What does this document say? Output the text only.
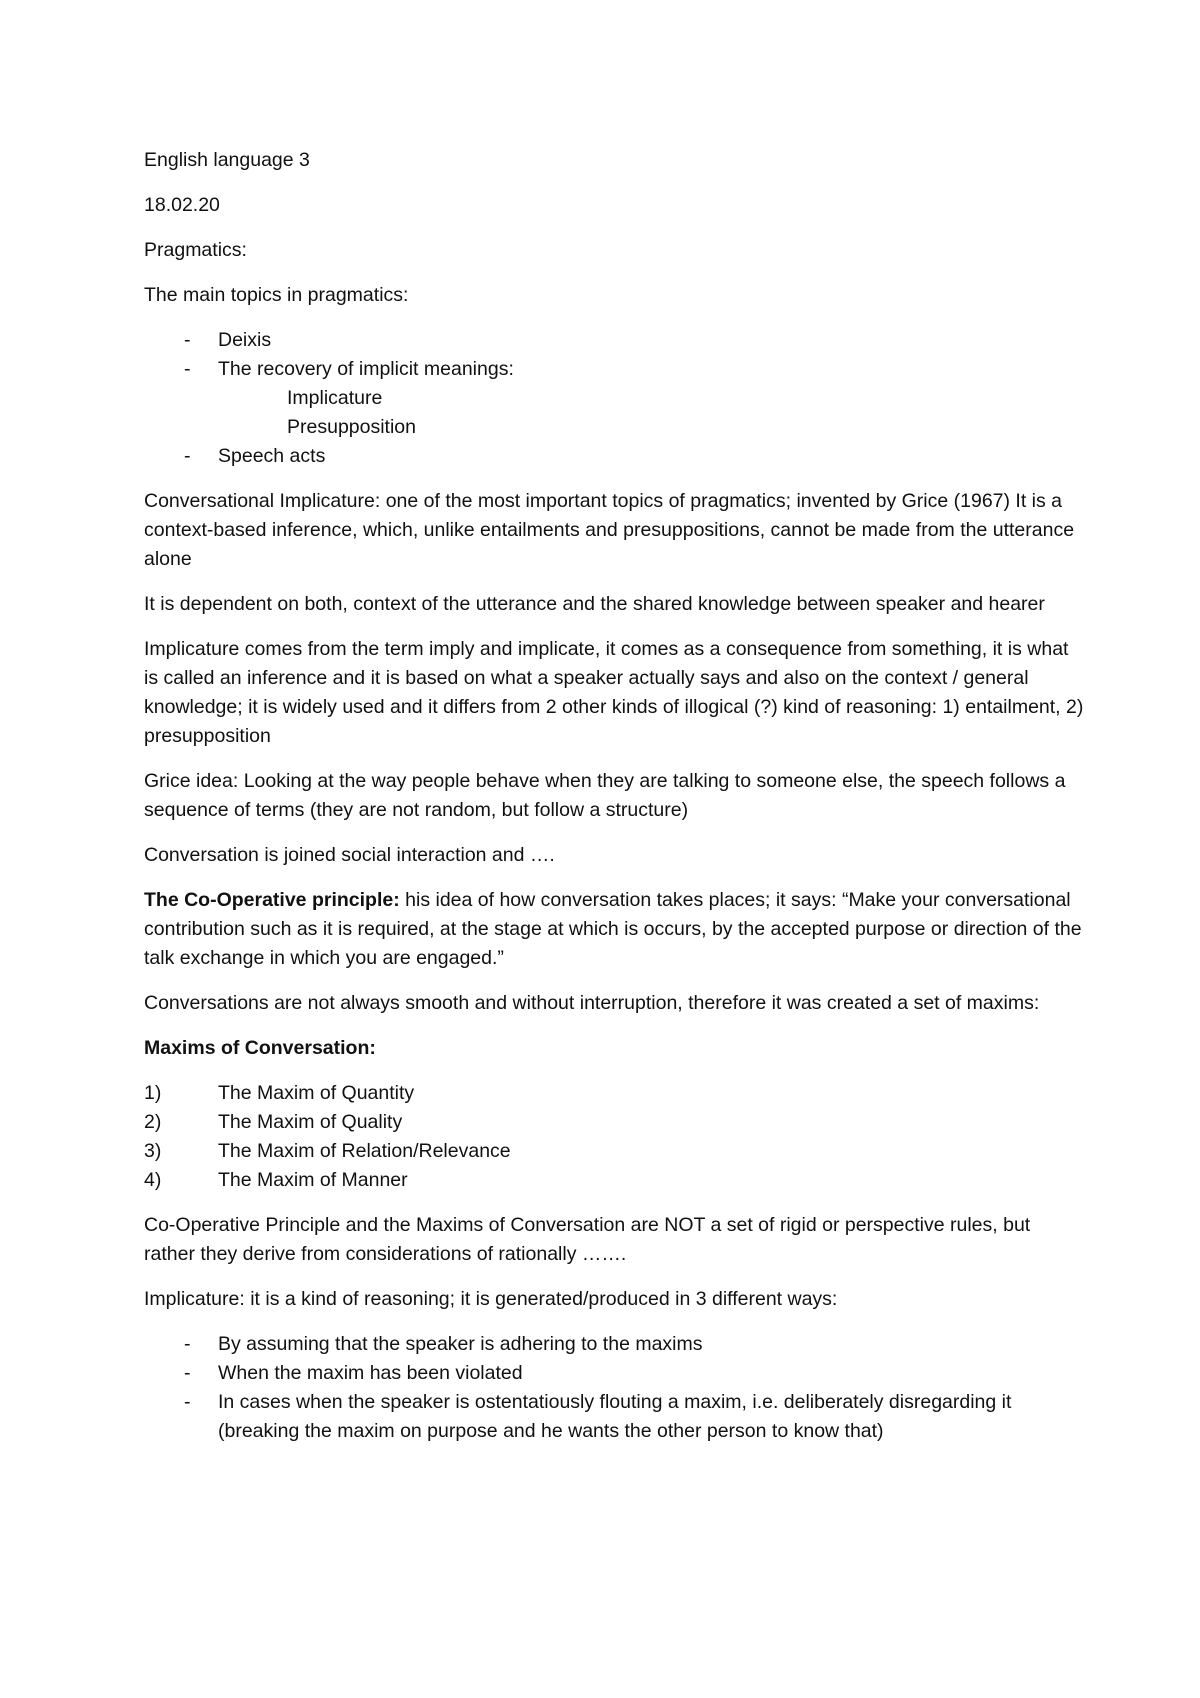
English language 3

18.02.20

Pragmatics:

The main topics in pragmatics:

- Deixis
- The recovery of implicit meanings:
Implicature
Presupposition
- Speech acts

Conversational Implicature: one of the most important topics of pragmatics; invented by Grice (1967) It is a context-based inference, which, unlike entailments and presuppositions, cannot be made from the utterance alone

It is dependent on both, context of the utterance and the shared knowledge between speaker and hearer

Implicature comes from the term imply and implicate, it comes as a consequence from something, it is what is called an inference and it is based on what a speaker actually says and also on the context / general knowledge; it is widely used and it differs from 2 other kinds of illogical (?) kind of reasoning: 1) entailment, 2) presupposition

Grice idea: Looking at the way people behave when they are talking to someone else, the speech follows a sequence of terms (they are not random, but follow a structure)

Conversation is joined social interaction and ….

The Co-Operative principle: his idea of how conversation takes places; it says: “Make your conversational contribution such as it is required, at the stage at which is occurs, by the accepted purpose or direction of the talk exchange in which you are engaged.”

Conversations are not always smooth and without interruption, therefore it was created a set of maxims:

Maxims of Conversation:

1)	The Maxim of Quantity
2)	The Maxim of Quality
3)	The Maxim of Relation/Relevance
4)	The Maxim of Manner

Co-Operative Principle and the Maxims of Conversation are NOT a set of rigid or perspective rules, but rather they derive from considerations of rationally …….

Implicature: it is a kind of reasoning; it is generated/produced in 3 different ways:

- By assuming that the speaker is adhering to the maxims
- When the maxim has been violated
- In cases when the speaker is ostentatiously flouting a maxim, i.e. deliberately disregarding it (breaking the maxim on purpose and he wants the other person to know that)
